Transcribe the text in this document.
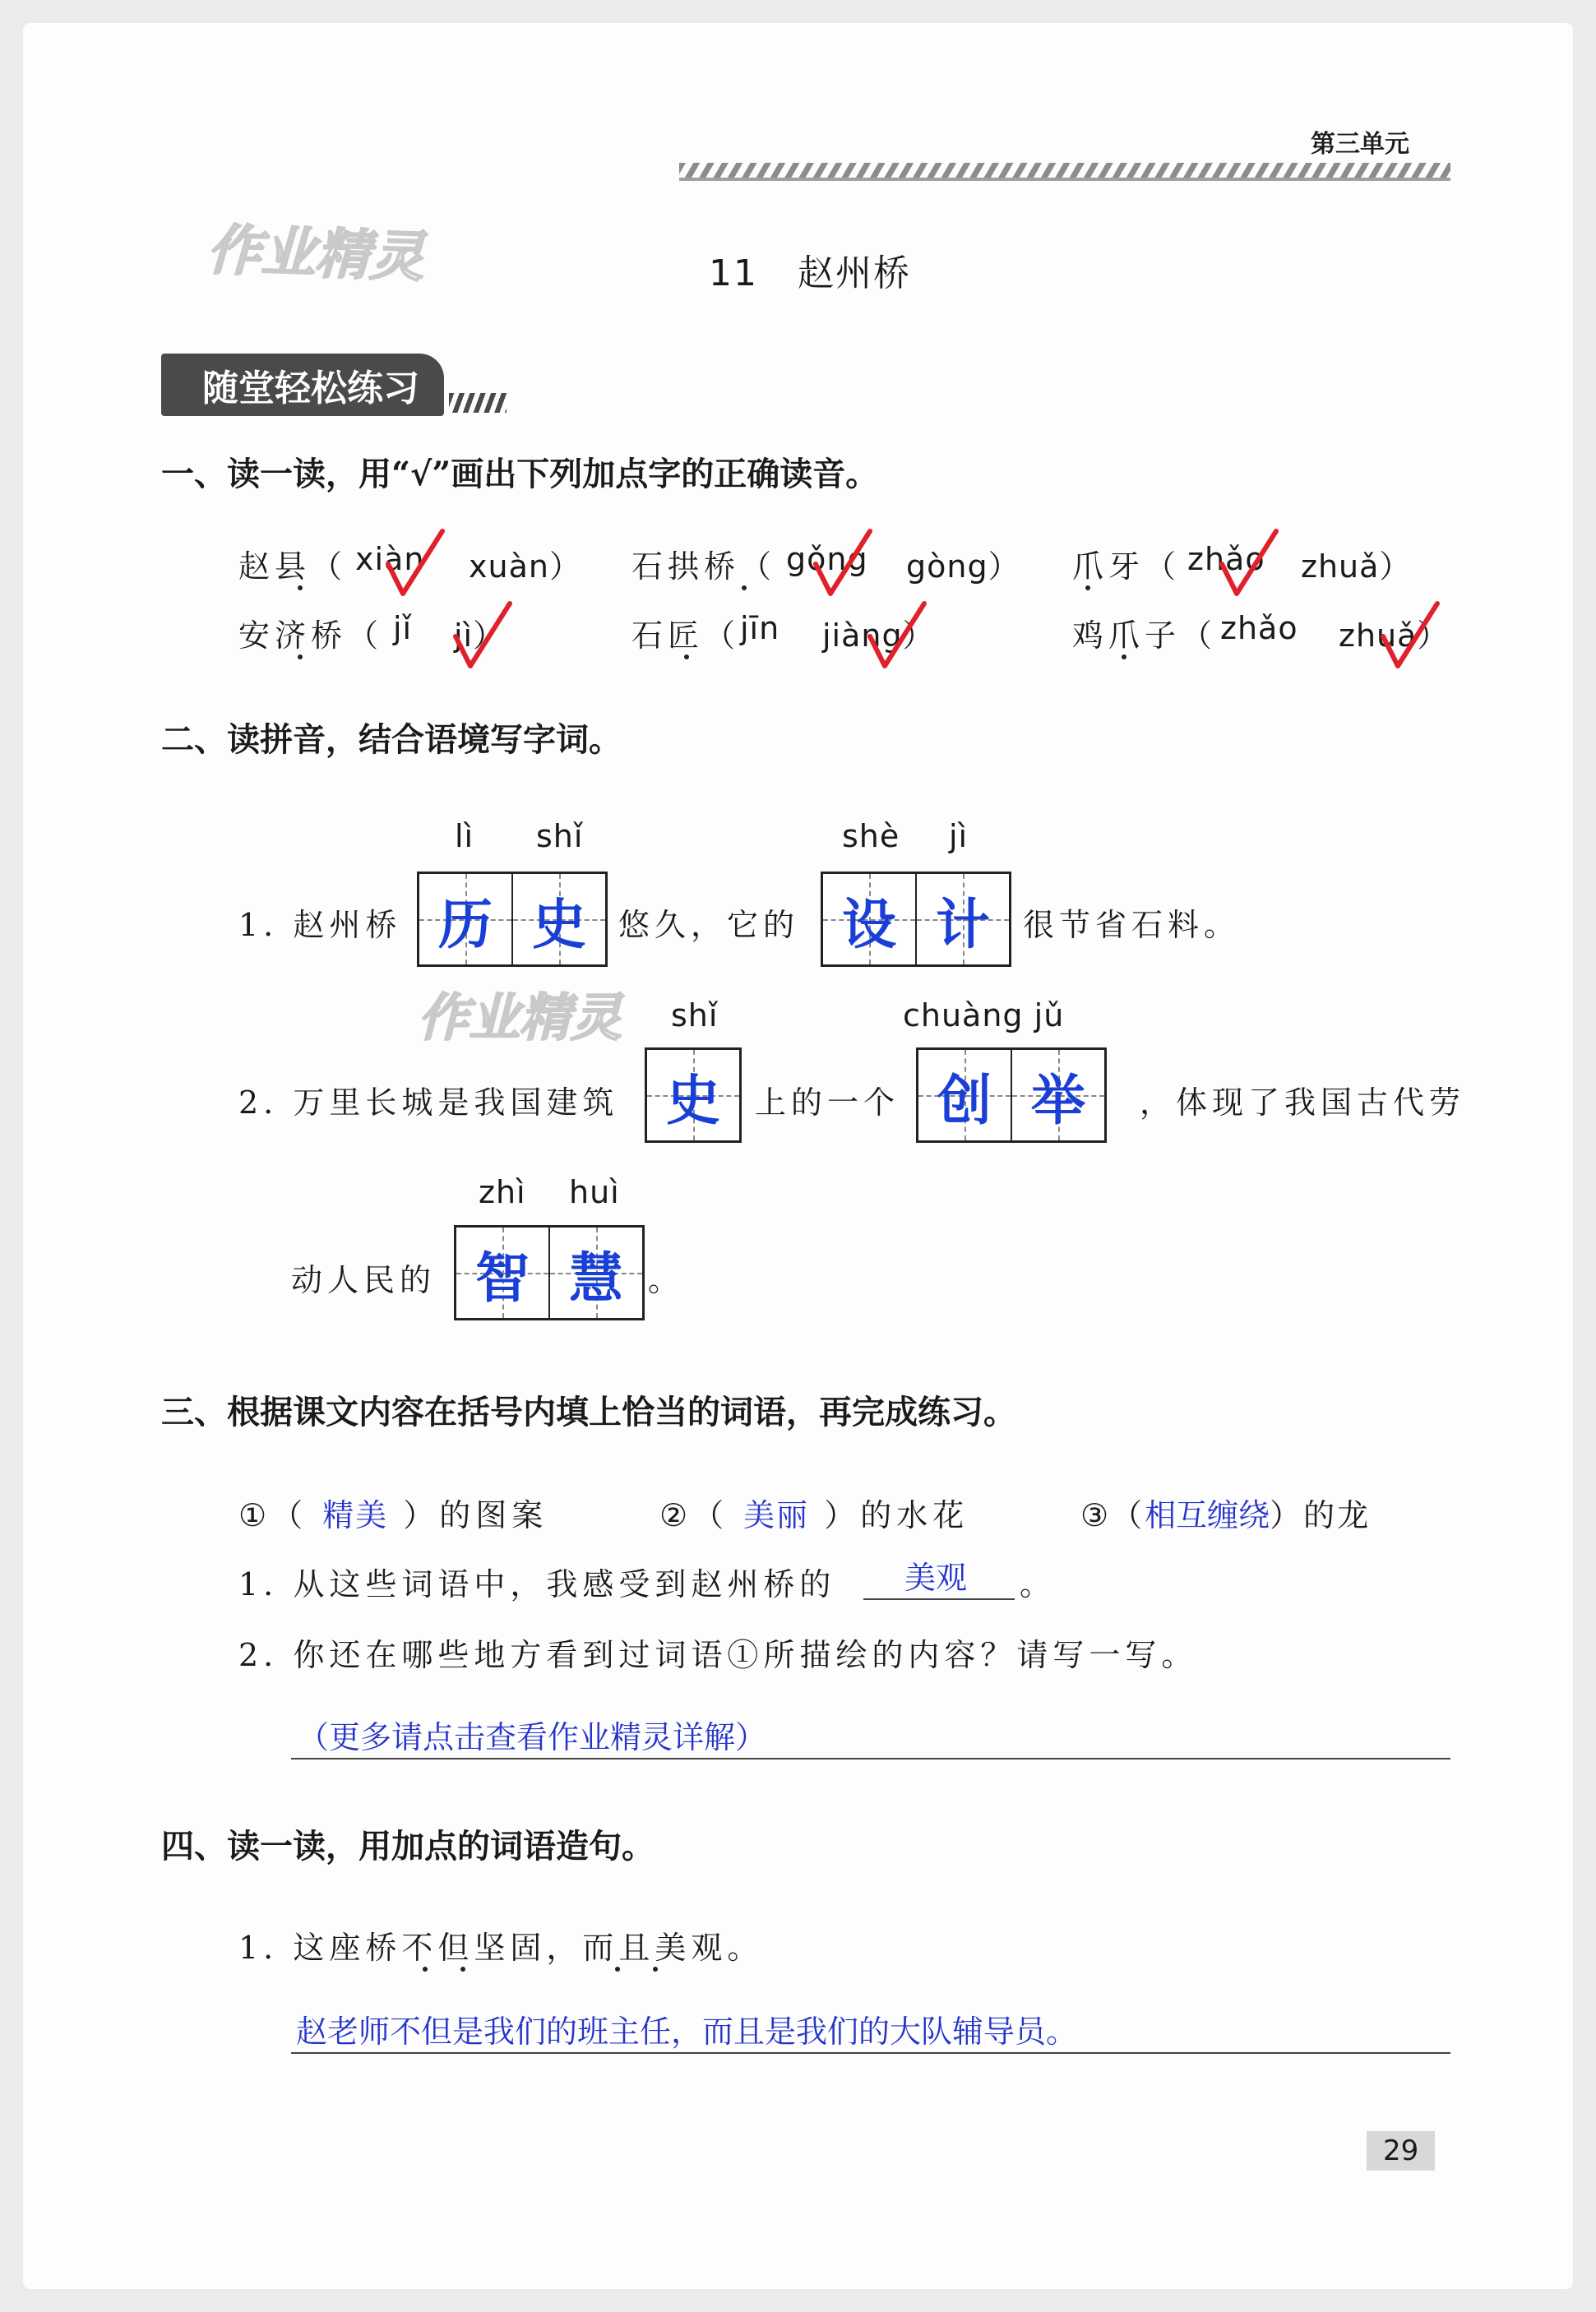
第三单元
作业精灵
作业精灵
11 赵州桥
随堂轻松练习
一、读一读，用“√”画出下列加点字的正确读音。
赵县（ xiàn xuàn） 石拱桥（ gǒng gòng） 爪牙（ zhǎo zhuǎ）
安济桥（ jǐ jì）	石匠（ jīn jiàng）	鸡爪子（ zhǎo zhuǎ）
二、读拼音，结合语境写字词。
lì shǐ
历 史
shè jì
设 计
1. 赵州桥	悠久，它的	很节省石料。
shǐ
史
chuàng jǔ
创 举
2. 万里长城是我国建筑	上的一个	，体现了我国古代劳
zhì huì
智 慧
动人民的	。
三、根据课文内容在括号内填上恰当的词语，再完成练习。
①（ 精美 ）的图案	②（ 美丽 ）的水花	③（相互缠绕）的龙
1. 从这些词语中，我感受到赵州桥的 美观 。
2. 你还在哪些地方看到过词语①所描绘的内容？请写一写。
（更多请点击查看作业精灵详解）
四、读一读，用加点的词语造句。
1. 这座桥不但坚固，而且美观。
赵老师不但是我们的班主任，而且是我们的大队辅导员。
29
